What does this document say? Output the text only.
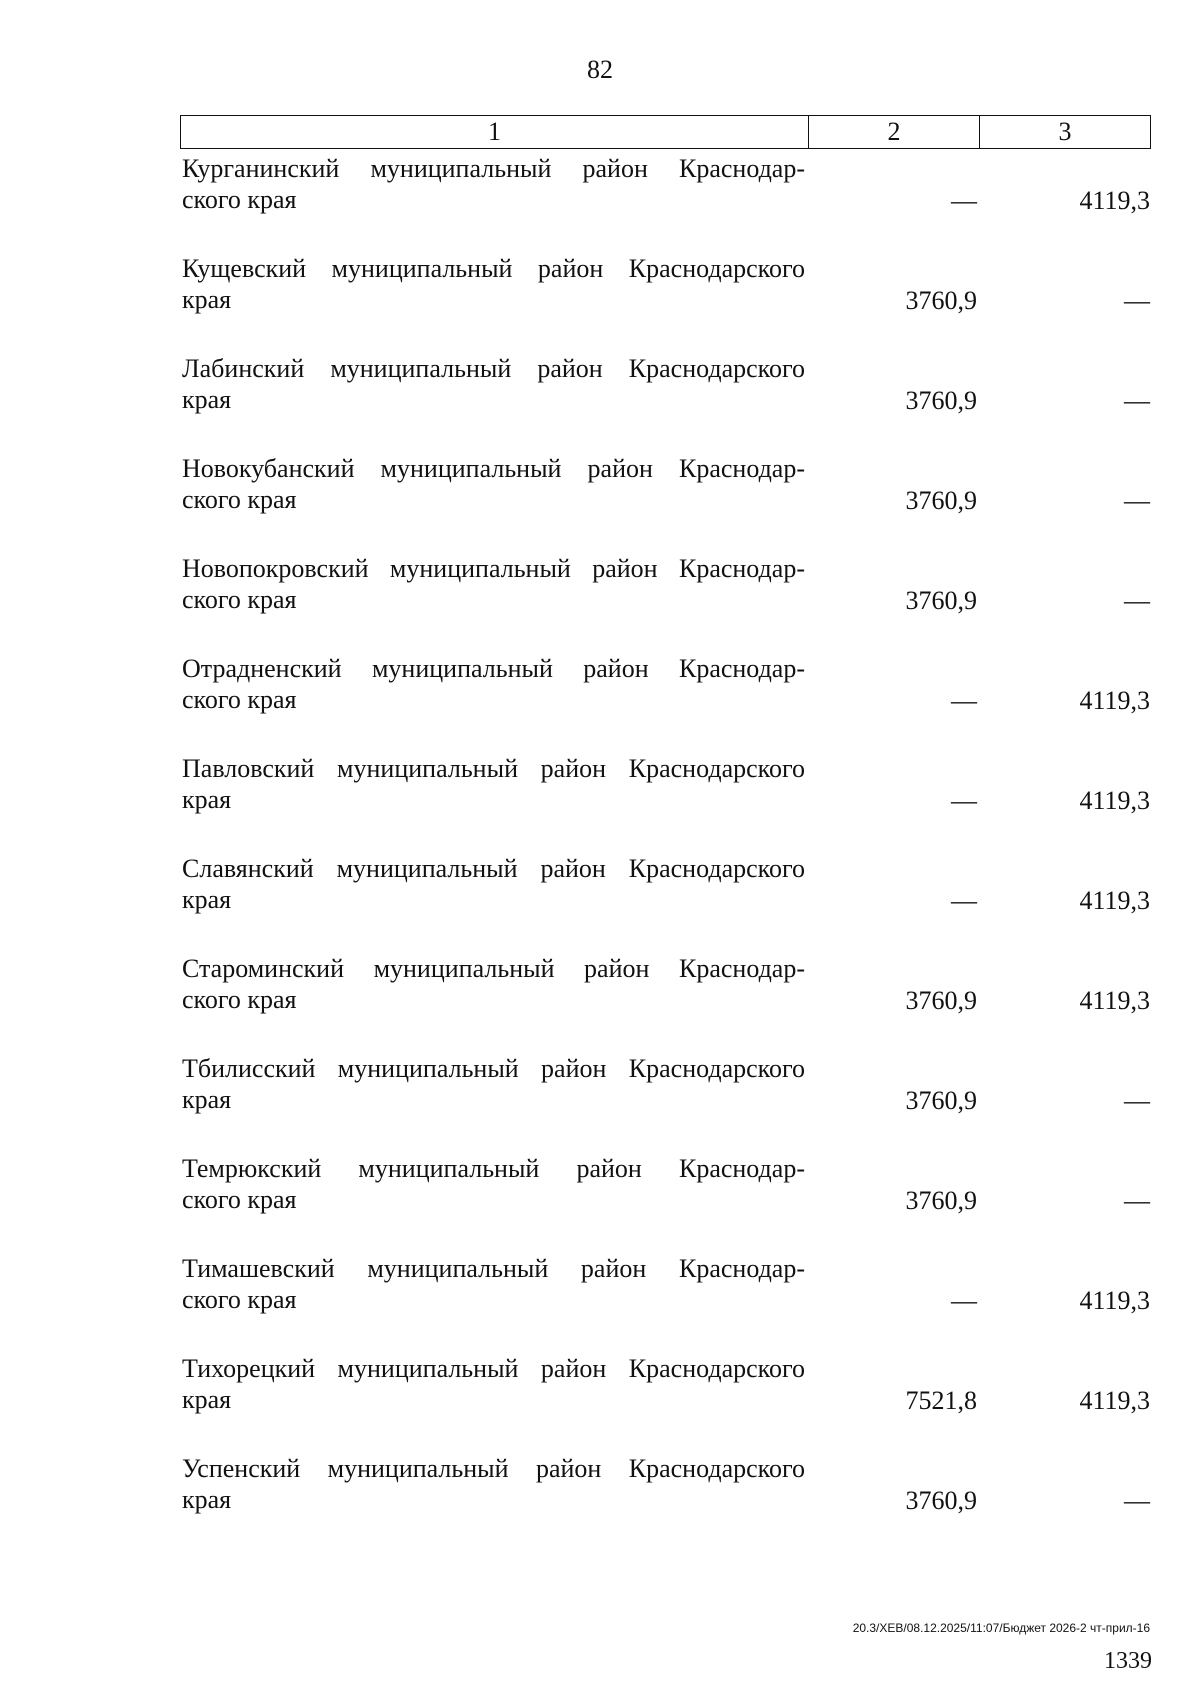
82
1	2	3
Курганинский муниципальный район Краснодар-
ского края	—	4119,3
Кущевский муниципальный район Краснодарского
края	3760,9	—
Лабинский муниципальный район Краснодарского
края	3760,9	—
Новокубанский муниципальный район Краснодар-
ского края	3760,9	—
Новопокровский муниципальный район Краснодар-
ского края	3760,9	—
Отрадненский муниципальный район Краснодар-
ского края	—	4119,3
Павловский муниципальный район Краснодарского
края	—	4119,3
Славянский муниципальный район Краснодарского
края	—	4119,3
Староминский муниципальный район Краснодар-
ского края	3760,9	4119,3
Тбилисский муниципальный район Краснодарского
края	3760,9	—
Темрюкский муниципальный район Краснодар-
ского края	3760,9	—
Тимашевский муниципальный район Краснодар-
ского края	—	4119,3
Тихорецкий муниципальный район Краснодарского
края	7521,8	4119,3
Успенский муниципальный район Краснодарского
края	3760,9	—
20.3/ХЕВ/08.12.2025/11:07/Бюджет 2026-2 чт-прил-16
1339
